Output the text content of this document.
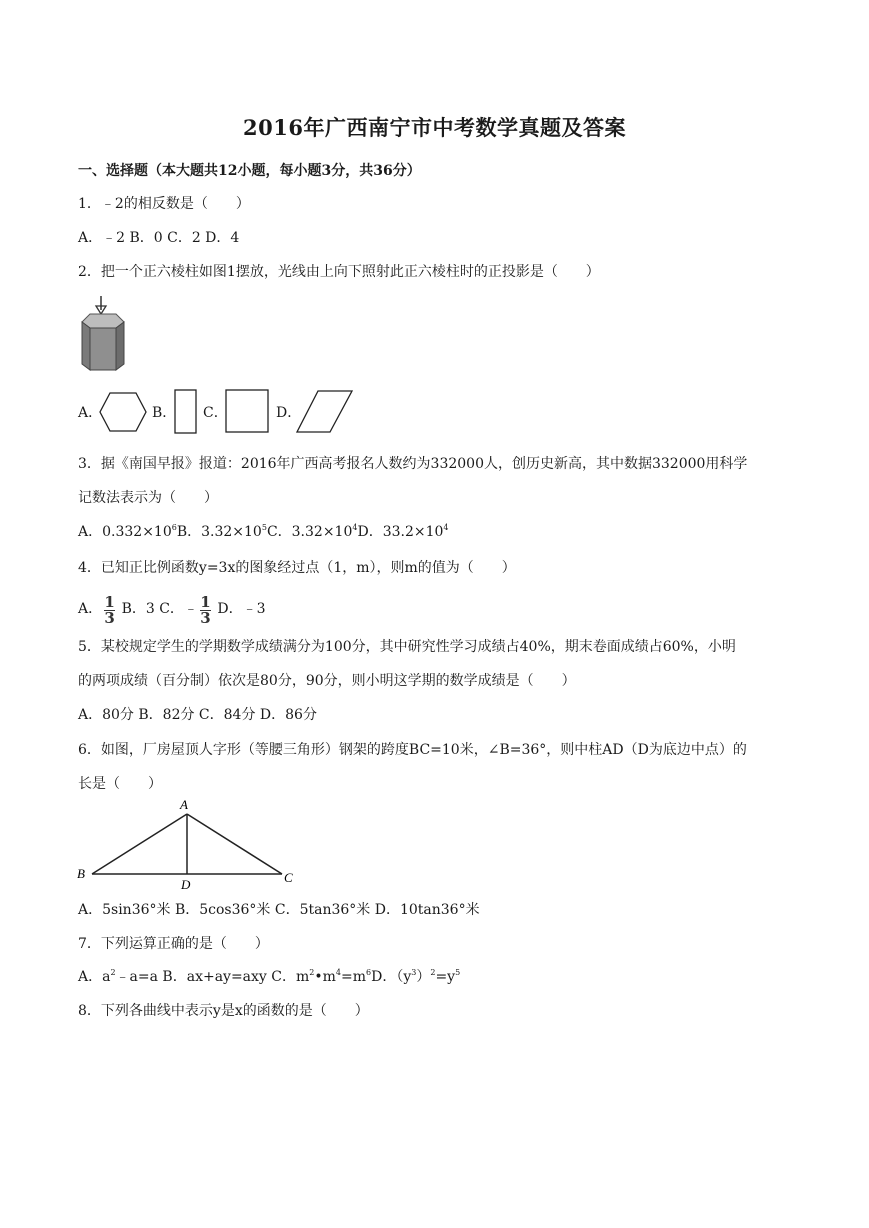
2016年广西南宁市中考数学真题及答案
一、选择题（本大题共12小题，每小题3分，共36分）
1．﹣2的相反数是（　　）
A．﹣2 B．0 C．2 D．4
2．把一个正六棱柱如图1摆放，光线由上向下照射此正六棱柱时的正投影是（　　）
A．	B． C．	D．
3．据《南国早报》报道：2016年广西高考报名人数约为332000人，创历史新高，其中数据332000用科学
记数法表示为（　　）
A．$0.332\times 10^6B$．$3.32\times 10^5C$．$3.32\times 10^4D$．$33.2\times 10^4$
4．已知正比例函数y=3x的图象经过点（1，m），则m的值为（　　）
A． $\frac{1}{3}$ B．3 C．﹣ $\frac{1}{3}$ D．﹣3
5．某校规定学生的学期数学成绩满分为100分，其中研究性学习成绩占40%，期末卷面成绩占60%，小明
的两项成绩（百分制）依次是80分，90分，则小明这学期的数学成绩是（　　）
A．80分 B．82分 C．84分 D．86分
6．如图，厂房屋顶人字形（等腰三角形）钢架的跨度BC=10米，∠B=36°，则中柱AD（D为底边中点）的
长是（　　）
A
B
D	C
A．5sin36°米 B．5cos36°米 C．5tan36°米 D．10tan36°米
7．下列运算正确的是（　　）
A．$a^2﹣a=a$ B．ax+ay=axy C．$m^2•m^4=m^6D$．$(y^3)^2=y^5$
8．下列各曲线中表示y是x的函数的是（　　）
